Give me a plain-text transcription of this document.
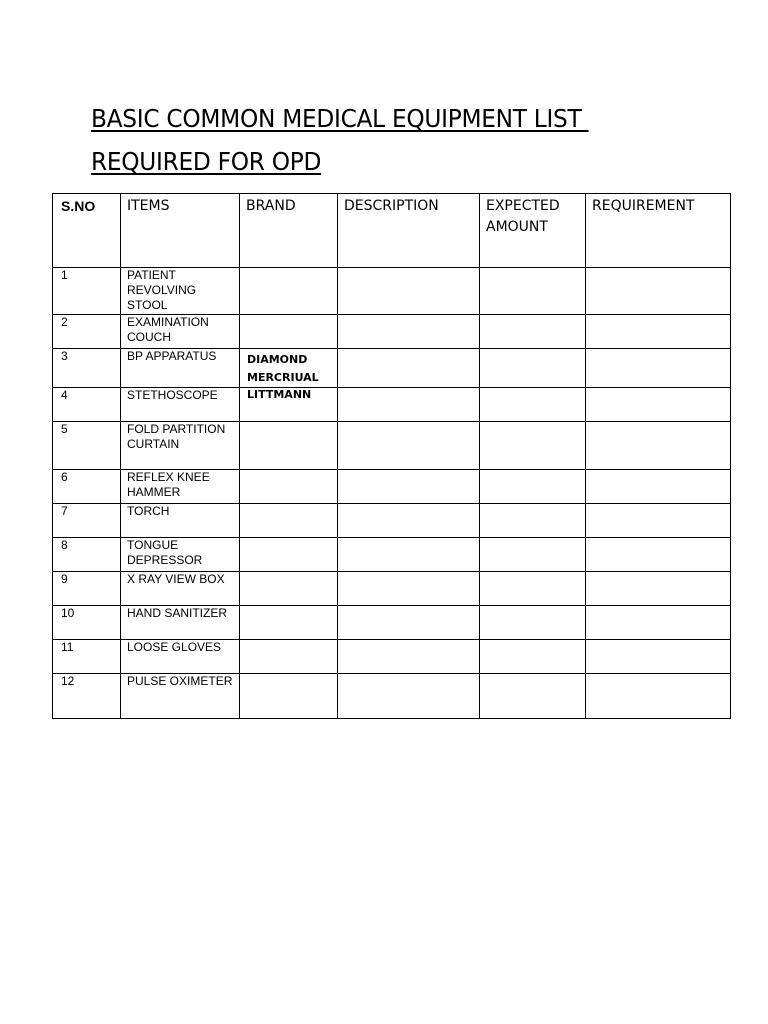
BASIC COMMON MEDICAL EQUIPMENT LIST
REQUIRED FOR OPD
S.NO	ITEMS	BRAND	DESCRIPTION	EXPECTED AMOUNT	REQUIREMENT
1	PATIENT REVOLVING STOOL				
2	EXAMINATION COUCH				
3	BP APPARATUS	DIAMOND MERCRIUAL			
4	STETHOSCOPE	LITTMANN			
5	FOLD PARTITION CURTAIN				
6	REFLEX KNEE HAMMER				
7	TORCH				
8	TONGUE DEPRESSOR				
9	X RAY VIEW BOX				
10	HAND SANITIZER				
11	LOOSE GLOVES				
12	PULSE OXIMETER				
